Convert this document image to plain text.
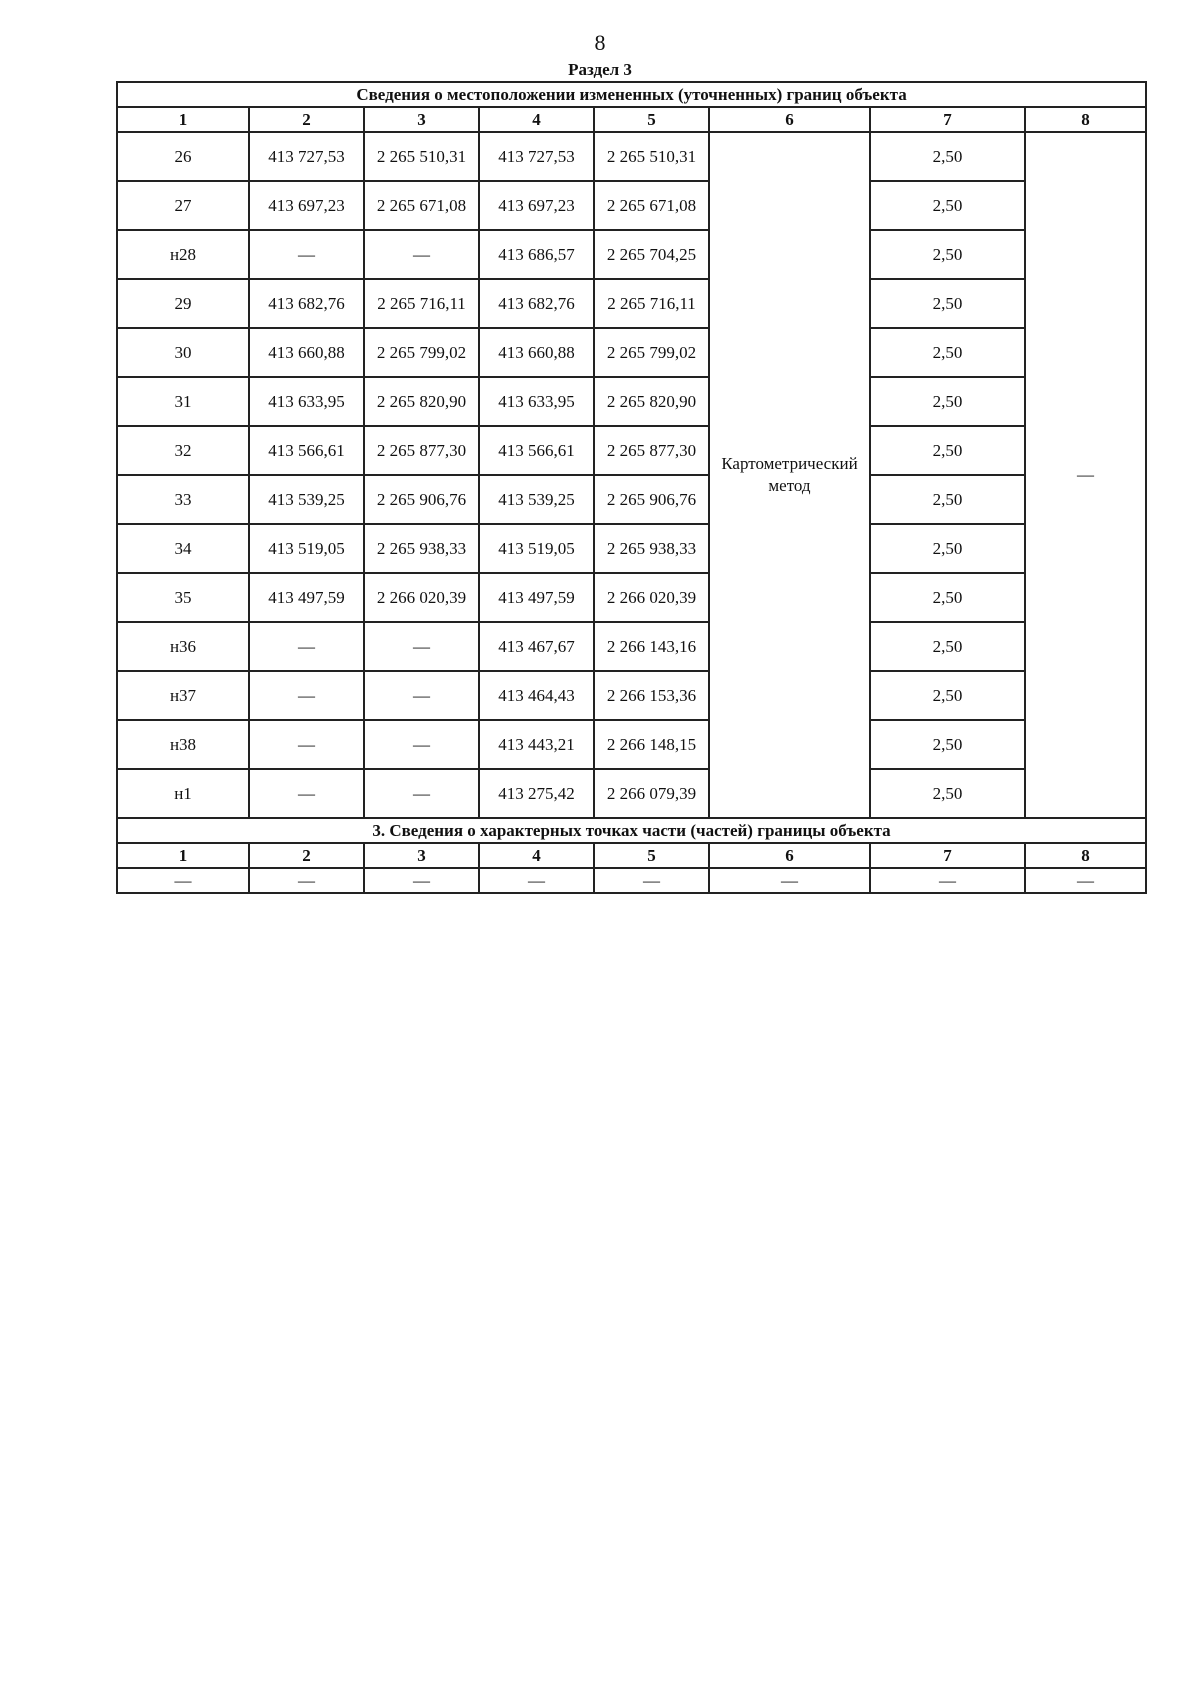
8
Раздел 3
Сведения о местоположении измененных (уточненных) границ объекта							
1	2	3	4	5	6	7	8
26	413 727,53	2 265 510,31	413 727,53	2 265 510,31	Картометрический метод	2,50	—
27	413 697,23	2 265 671,08	413 697,23	2 265 671,08		2,50	
н28	—	—	413 686,57	2 265 704,25		2,50	
29	413 682,76	2 265 716,11	413 682,76	2 265 716,11		2,50	
30	413 660,88	2 265 799,02	413 660,88	2 265 799,02		2,50	
31	413 633,95	2 265 820,90	413 633,95	2 265 820,90		2,50	
32	413 566,61	2 265 877,30	413 566,61	2 265 877,30		2,50	
33	413 539,25	2 265 906,76	413 539,25	2 265 906,76		2,50	
34	413 519,05	2 265 938,33	413 519,05	2 265 938,33		2,50	
35	413 497,59	2 266 020,39	413 497,59	2 266 020,39		2,50	
н36	—	—	413 467,67	2 266 143,16		2,50	
н37	—	—	413 464,43	2 266 153,36		2,50	
н38	—	—	413 443,21	2 266 148,15		2,50	
н1	—	—	413 275,42	2 266 079,39		2,50	
3. Сведения о характерных точках части (частей) границы объекта							
1	2	3	4	5	6	7	8
—	—	—	—	—	—	—	—
